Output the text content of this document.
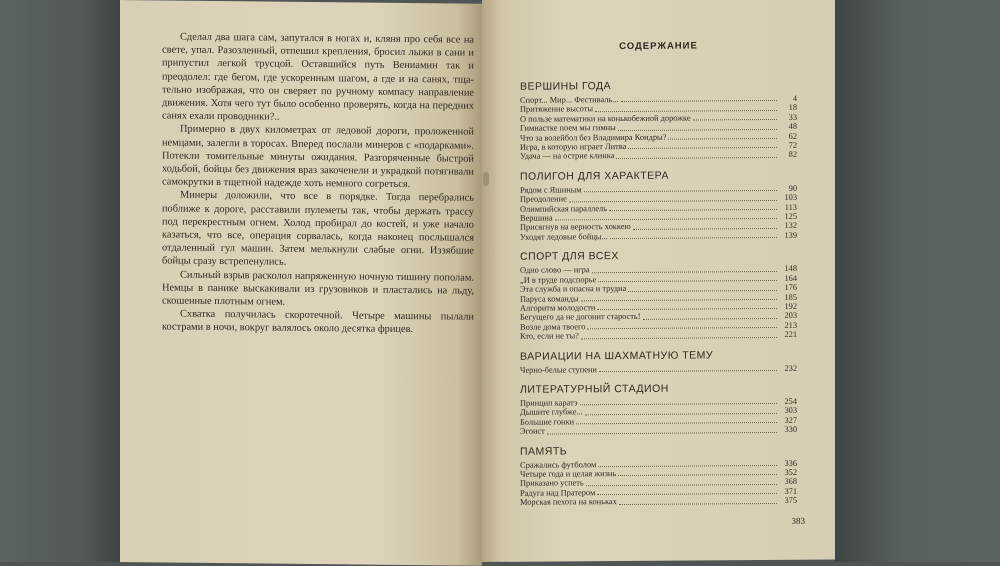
Сделал два шага сам, запутался в ногах и, кляня про себя все на свете, упал. Разозленный, отпешил крепления, бросил лыжи в сани и припустил легкой трусцой. Оставшийся путь Вениамин так и преодолел: где бегом, где ускоренным шагом, а где и на санях, тщательно изображая, что он сверяет по ручному компасу направление движения. Хотя чего тут было особенно проверять, когда на передних санях ехали проводники?..

Примерно в двух километрах от ледовой дороги, проложенной немцами, залегли в торосах. Вперед послали минеров с «подарками». Потекли томительные минуты ожидания. Разгоряченные быстрой ходьбой, бойцы без движения враз закоченели и украдкой потягивали самокрутки в тщетной надежде хоть немного согреться.

Минеры доложили, что все в порядке. Тогда перебрались поближе к дороге, расставили пулеметы так, чтобы держать трассу под перекрестным огнем. Холод пробирал до костей, и уже начало казаться, что все, операция сорвалась, когда наконец послышался отдаленный гул машин. Затем мелькнули слабые огни. Иззябшие бойцы сразу встрепенулись.

Сильный взрыв расколол напряженную ночную тишину пополам. Немцы в панике выскакивали из грузовиков и пластались на льду, скошенные плотным огнем.

Схватка получилась скоротечной. Четыре машины пылали кострами в ночи, вокруг валялось около десятка фрицев.

СОДЕРЖАНИЕ
ВЕРШИНЫ ГОДА
Спорт... Мир... Фестиваль...	4
Притяжение высоты	18
О пользе математики на конькобежной дорожке	33
Гимнастке поем мы гимны	48
Что за волейбол без Владимира Кондры?	62
Игра, в которую играет Литва	72
Удача — на острие клинка	82
ПОЛИГОН ДЛЯ ХАРАКТЕРА
Рядом с Яшиным	90
Преодоление	103
Олимпийская параллель	113
Вершина	125
Присягнув на верность хоккею	132
Уходят ледовые бойцы...	139
СПОРТ ДЛЯ ВСЕХ
Одно слово — игра	148
„И в труде подспорье	164
Эта служба и опасна и трудна	176
Паруса команды	185
Алгоритм молодости	192
Бегущего да не догонит старость!	203
Возле дома твоего	213
Кто, если не ты?	221
ВАРИАЦИИ НА ШАХМАТНУЮ ТЕМУ
Черно-белые ступени	232
ЛИТЕРАТУРНЫЙ СТАДИОН
Принцип каратэ	254
Дышите глубже...	303
Большие гонки	327
Эгоист	330
ПАМЯТЬ
Сражались футболом	336
Четыре года и целая жизнь	352
Приказано успеть	368
Радуга над Пратером	371
Морская пехота на коньках	375
383
